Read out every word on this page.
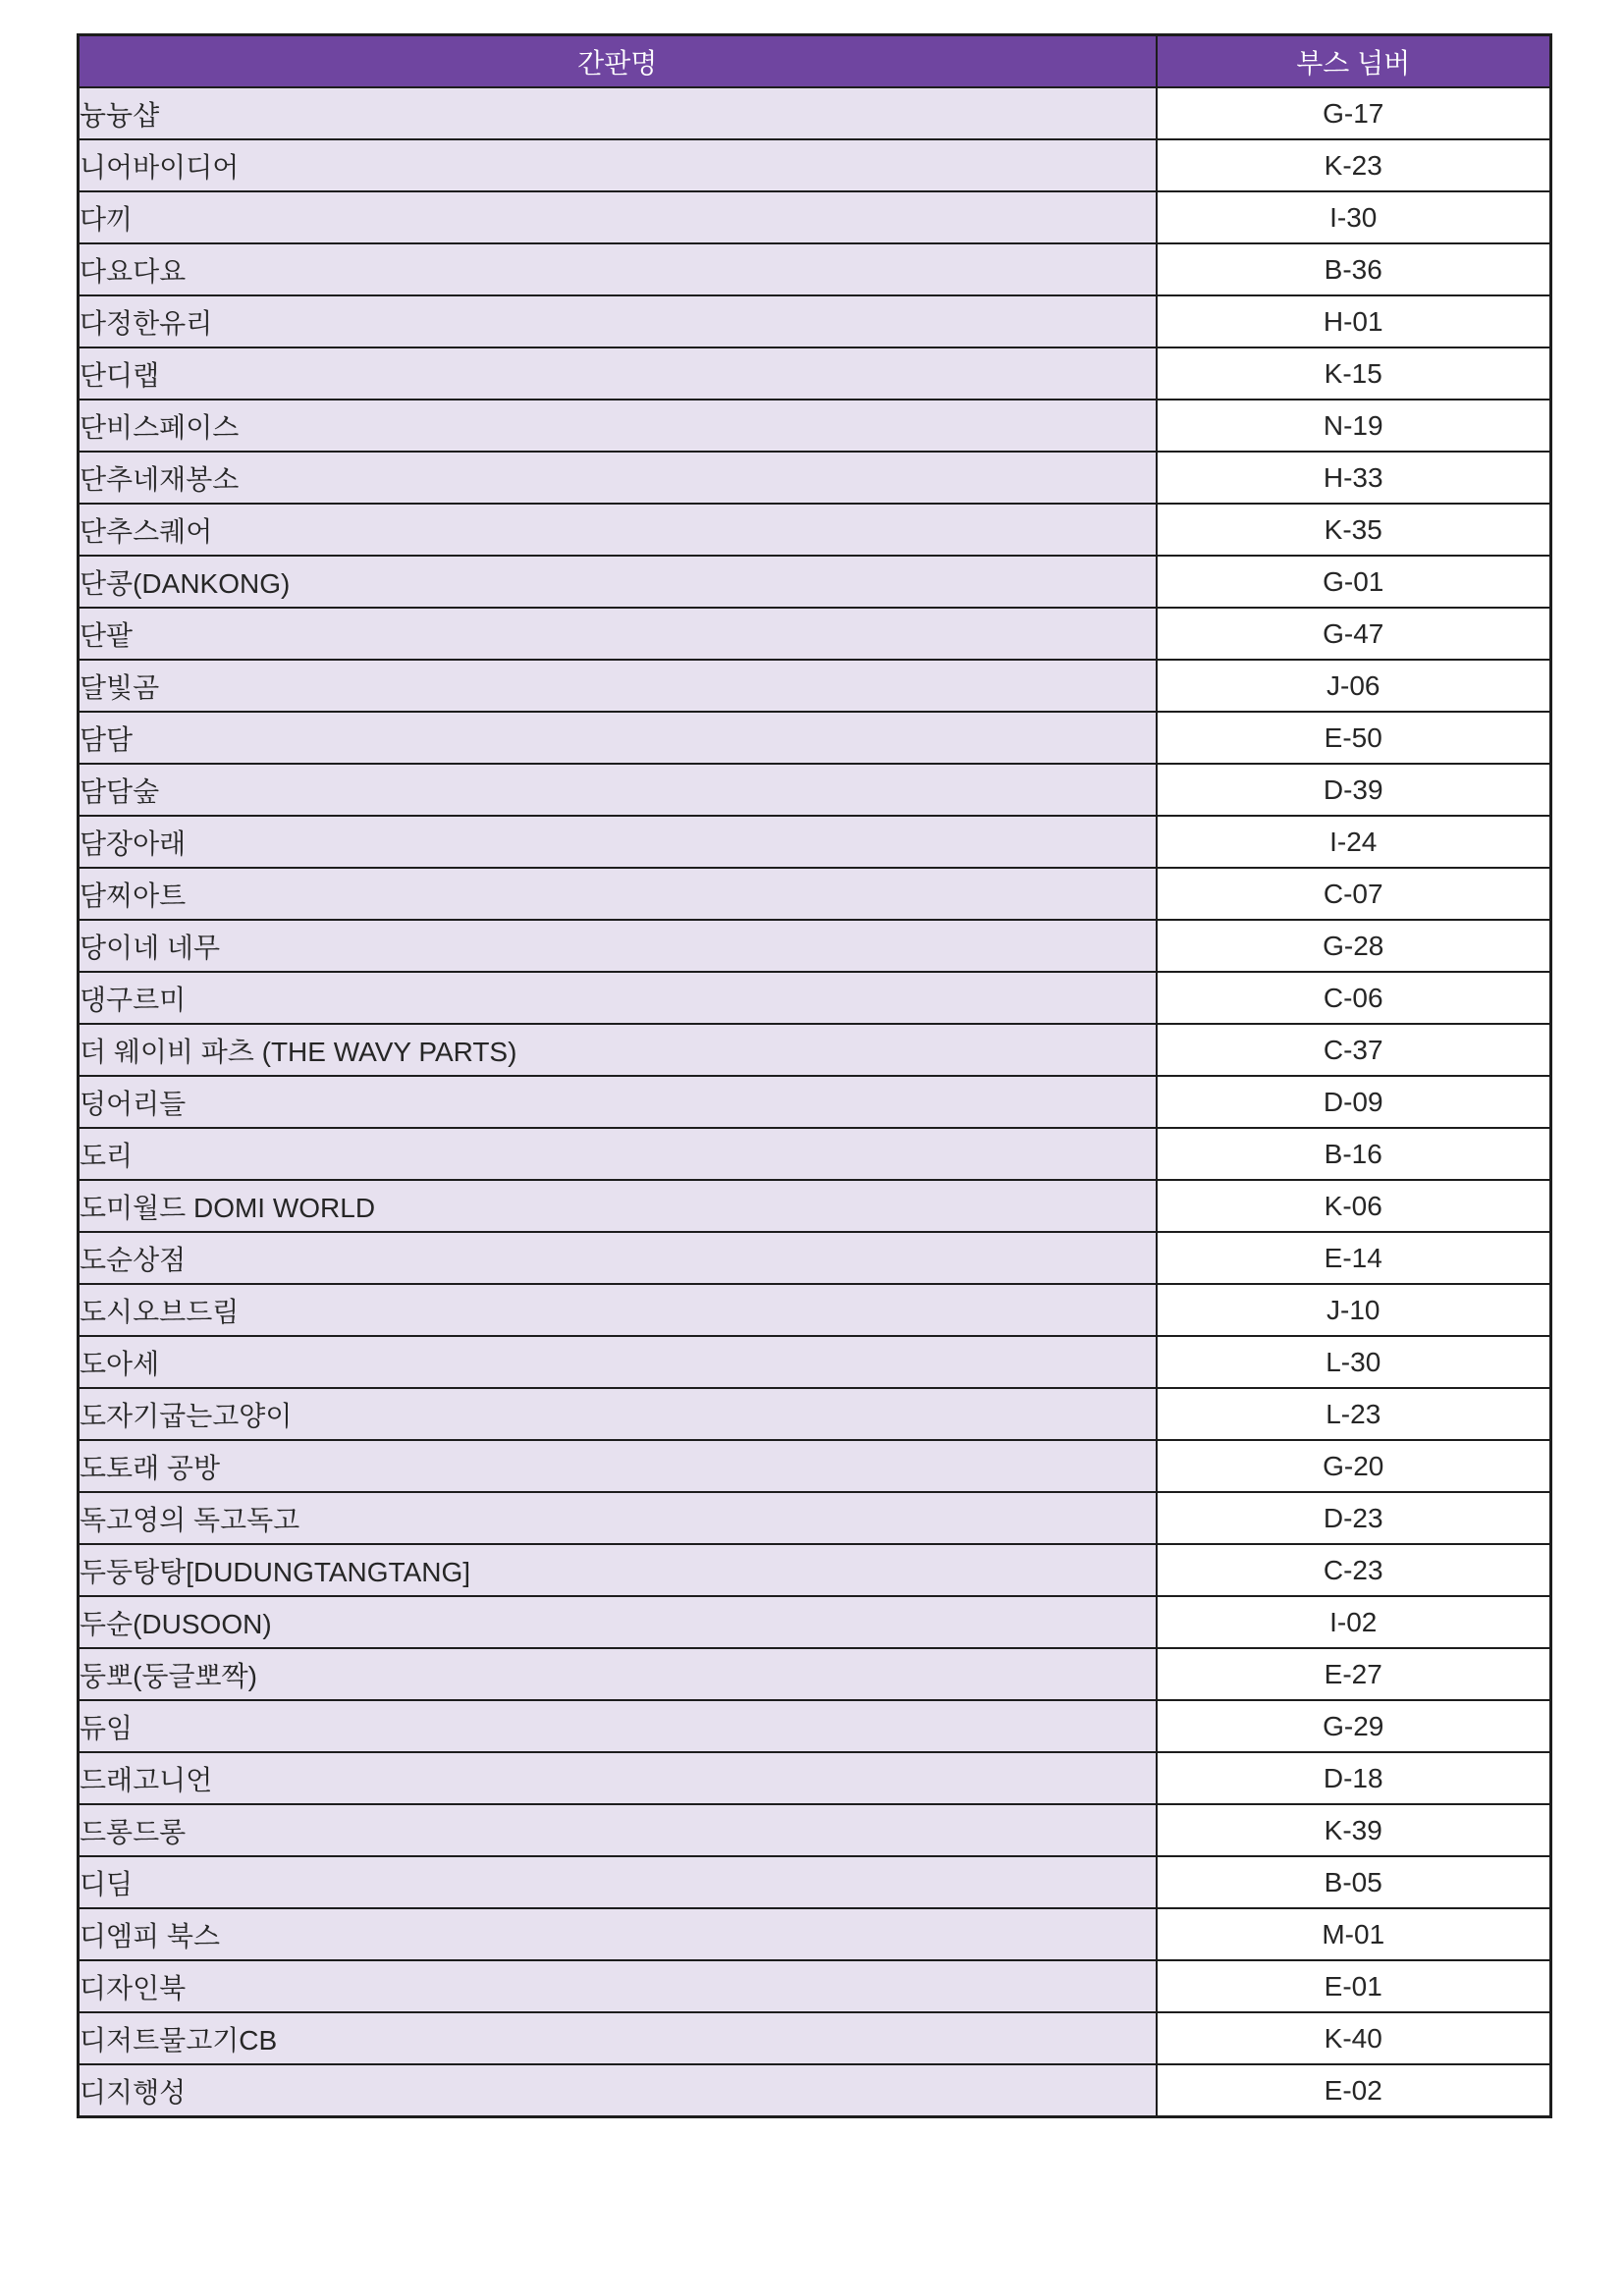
간판명	부스 넘버
늉늉샵	G-17
니어바이디어	K-23
다끼	I-30
다요다요	B-36
다정한유리	H-01
단디랩	K-15
단비스페이스	N-19
단추네재봉소	H-33
단추스퀘어	K-35
단콩(DANKONG)	G-01
단팥	G-47
달빛곰	J-06
담담	E-50
담담숲	D-39
담장아래	I-24
담찌아트	C-07
당이네 네무	G-28
댕구르미	C-06
더 웨이비 파츠 (THE WAVY PARTS)	C-37
덩어리들	D-09
도리	B-16
도미월드 DOMI WORLD	K-06
도순상점	E-14
도시오브드림	J-10
도아세	L-30
도자기굽는고양이	L-23
도토래 공방	G-20
독고영의 독고독고	D-23
두둥탕탕[DUDUNGTANGTANG]	C-23
두순(DUSOON)	I-02
둥뽀(둥글뽀짝)	E-27
듀임	G-29
드래고니언	D-18
드롱드롱	K-39
디딤	B-05
디엠피 북스	M-01
디자인북	E-01
디저트물고기CB	K-40
디지행성	E-02
